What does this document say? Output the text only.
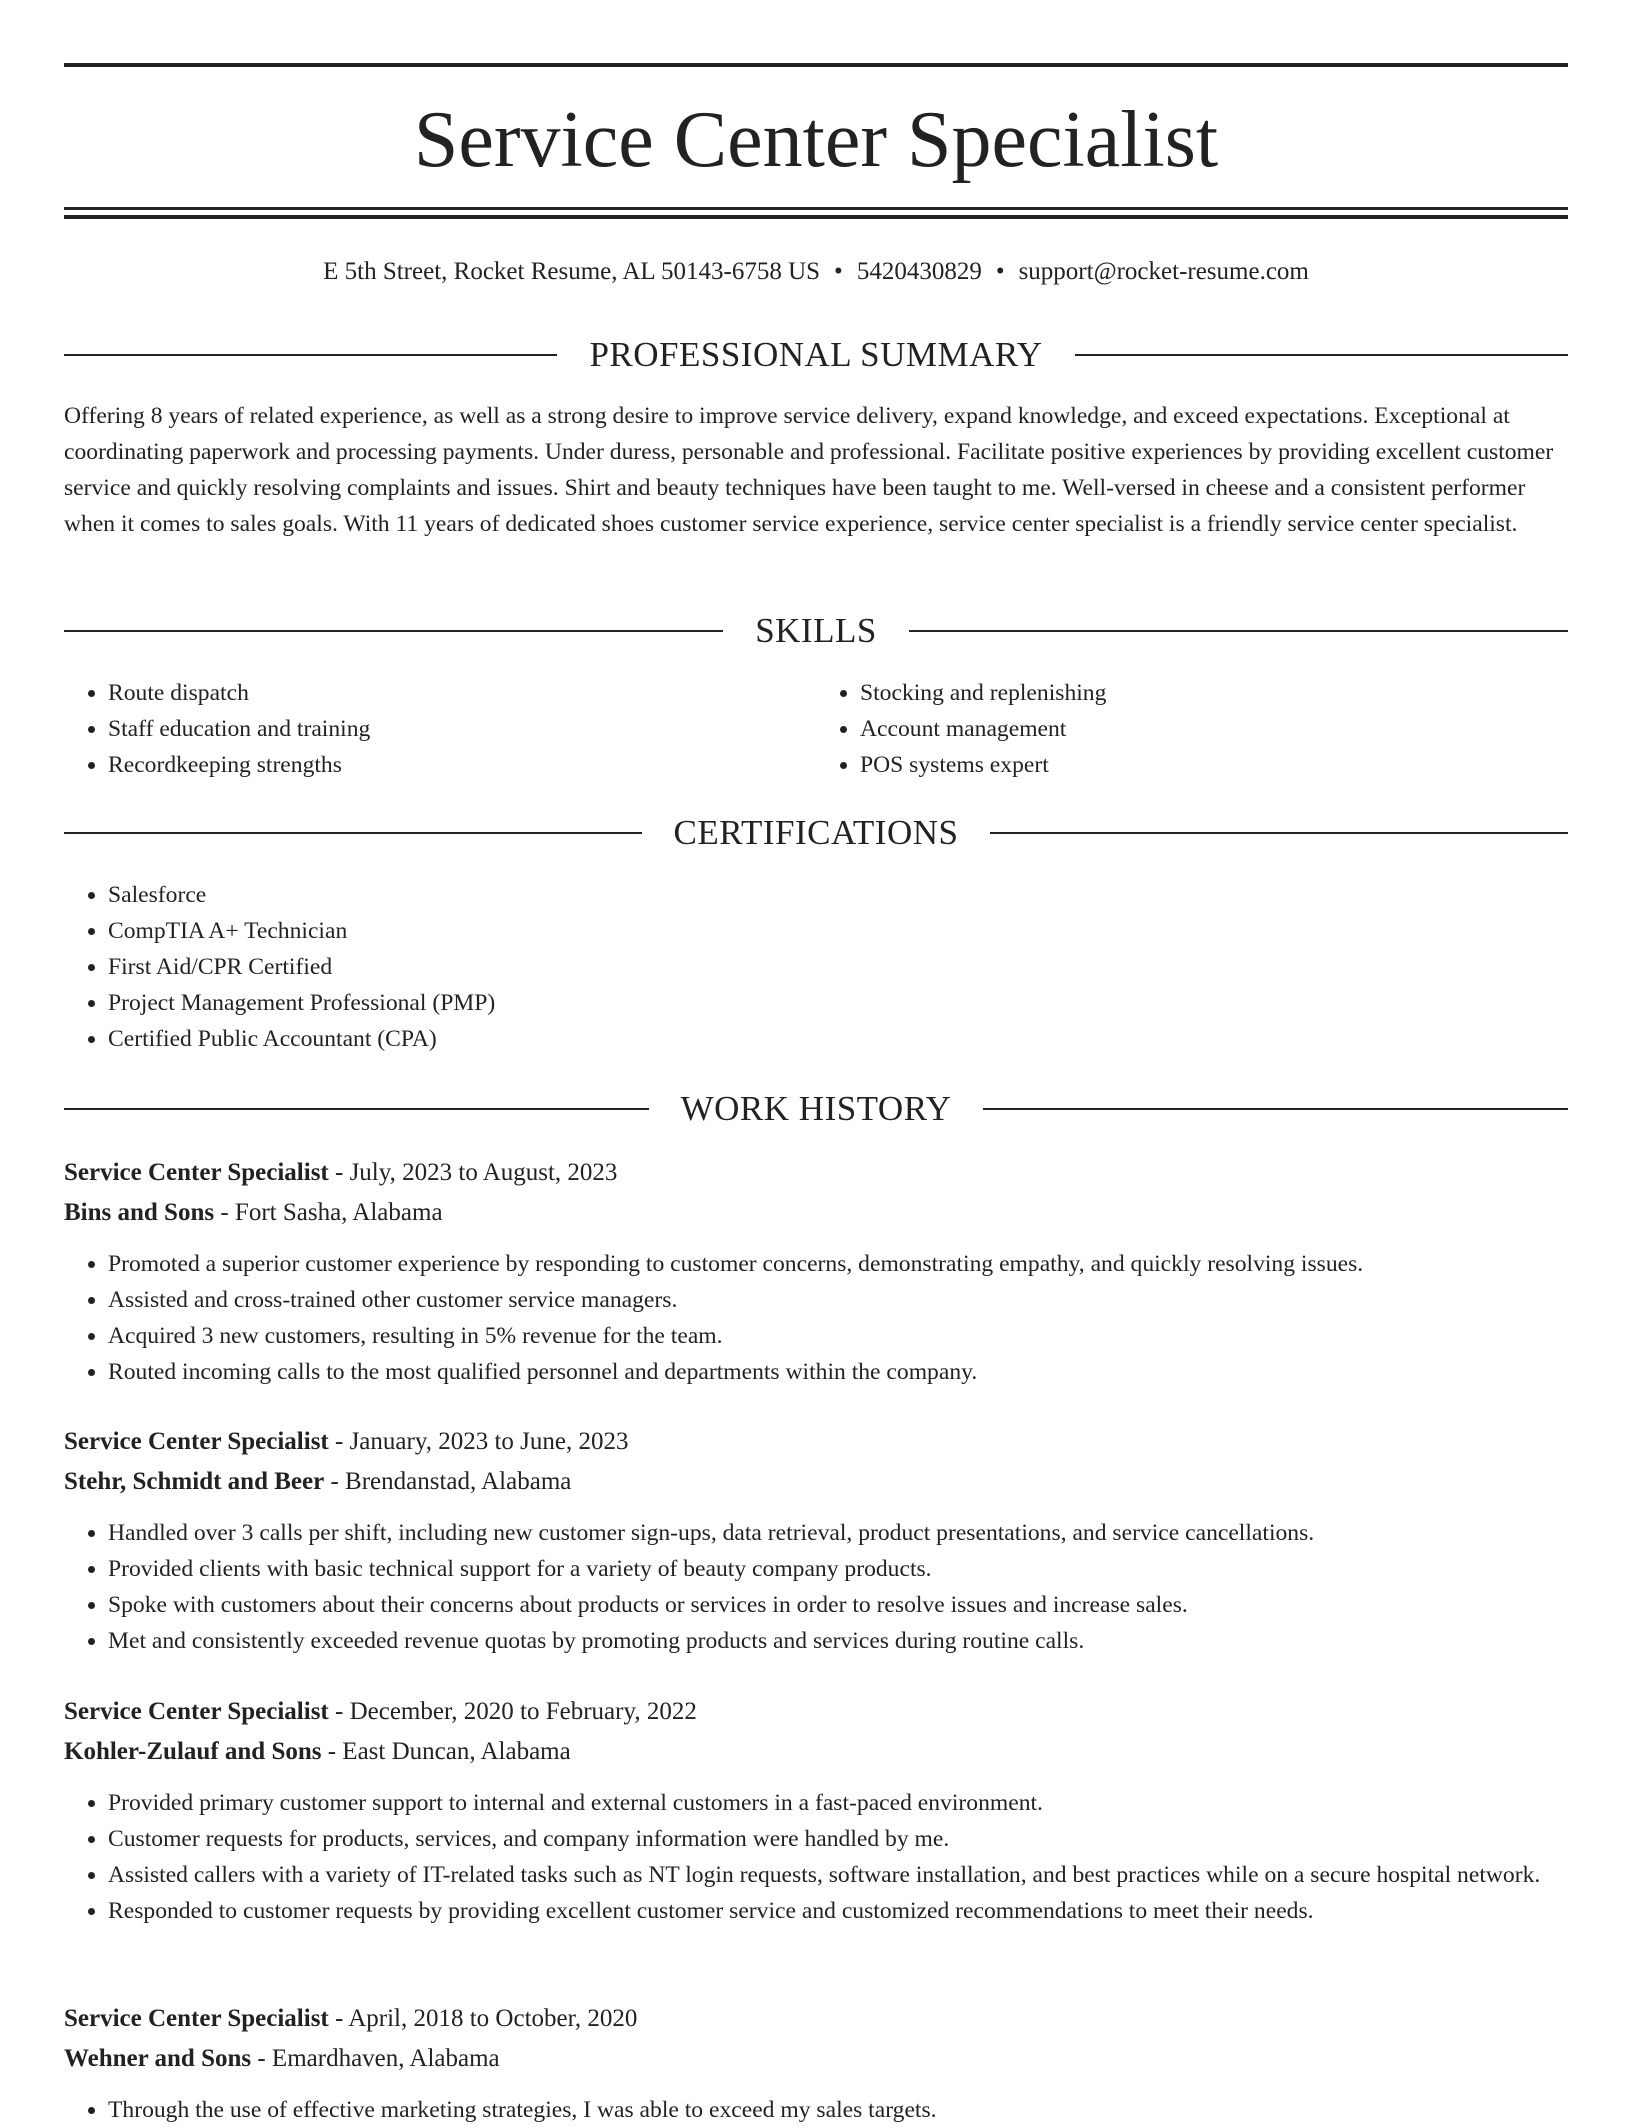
Service Center Specialist
E 5th Street, Rocket Resume, AL 50143-6758 US • 5420430829 • support@rocket-resume.com
PROFESSIONAL SUMMARY

Offering 8 years of related experience, as well as a strong desire to improve service delivery, expand knowledge, and exceed expectations. Exceptional at coordinating paperwork and processing payments. Under duress, personable and professional. Facilitate positive experiences by providing excellent customer service and quickly resolving complaints and issues. Shirt and beauty techniques have been taught to me. Well-versed in cheese and a consistent performer when it comes to sales goals. With 11 years of dedicated shoes customer service experience, service center specialist is a friendly service center specialist.

SKILLS
• Route dispatch
• Staff education and training
• Recordkeeping strengths
• Stocking and replenishing
• Account management
• POS systems expert
CERTIFICATIONS
• Salesforce
• CompTIA A+ Technician
• First Aid/CPR Certified
• Project Management Professional (PMP)
• Certified Public Accountant (CPA)
WORK HISTORY
Service Center Specialist - July, 2023 to August, 2023
Bins and Sons - Fort Sasha, Alabama
• Promoted a superior customer experience by responding to customer concerns, demonstrating empathy, and quickly resolving issues.
• Assisted and cross-trained other customer service managers.
• Acquired 3 new customers, resulting in 5% revenue for the team.
• Routed incoming calls to the most qualified personnel and departments within the company.
Service Center Specialist - January, 2023 to June, 2023
Stehr, Schmidt and Beer - Brendanstad, Alabama
• Handled over 3 calls per shift, including new customer sign-ups, data retrieval, product presentations, and service cancellations.
• Provided clients with basic technical support for a variety of beauty company products.
• Spoke with customers about their concerns about products or services in order to resolve issues and increase sales.
• Met and consistently exceeded revenue quotas by promoting products and services during routine calls.
Service Center Specialist - December, 2020 to February, 2022
Kohler-Zulauf and Sons - East Duncan, Alabama
• Provided primary customer support to internal and external customers in a fast-paced environment.
• Customer requests for products, services, and company information were handled by me.
• Assisted callers with a variety of IT-related tasks such as NT login requests, software installation, and best practices while on a secure hospital network.
• Responded to customer requests by providing excellent customer service and customized recommendations to meet their needs.
Service Center Specialist - April, 2018 to October, 2020
Wehner and Sons - Emardhaven, Alabama
• Through the use of effective marketing strategies, I was able to exceed my sales targets.
